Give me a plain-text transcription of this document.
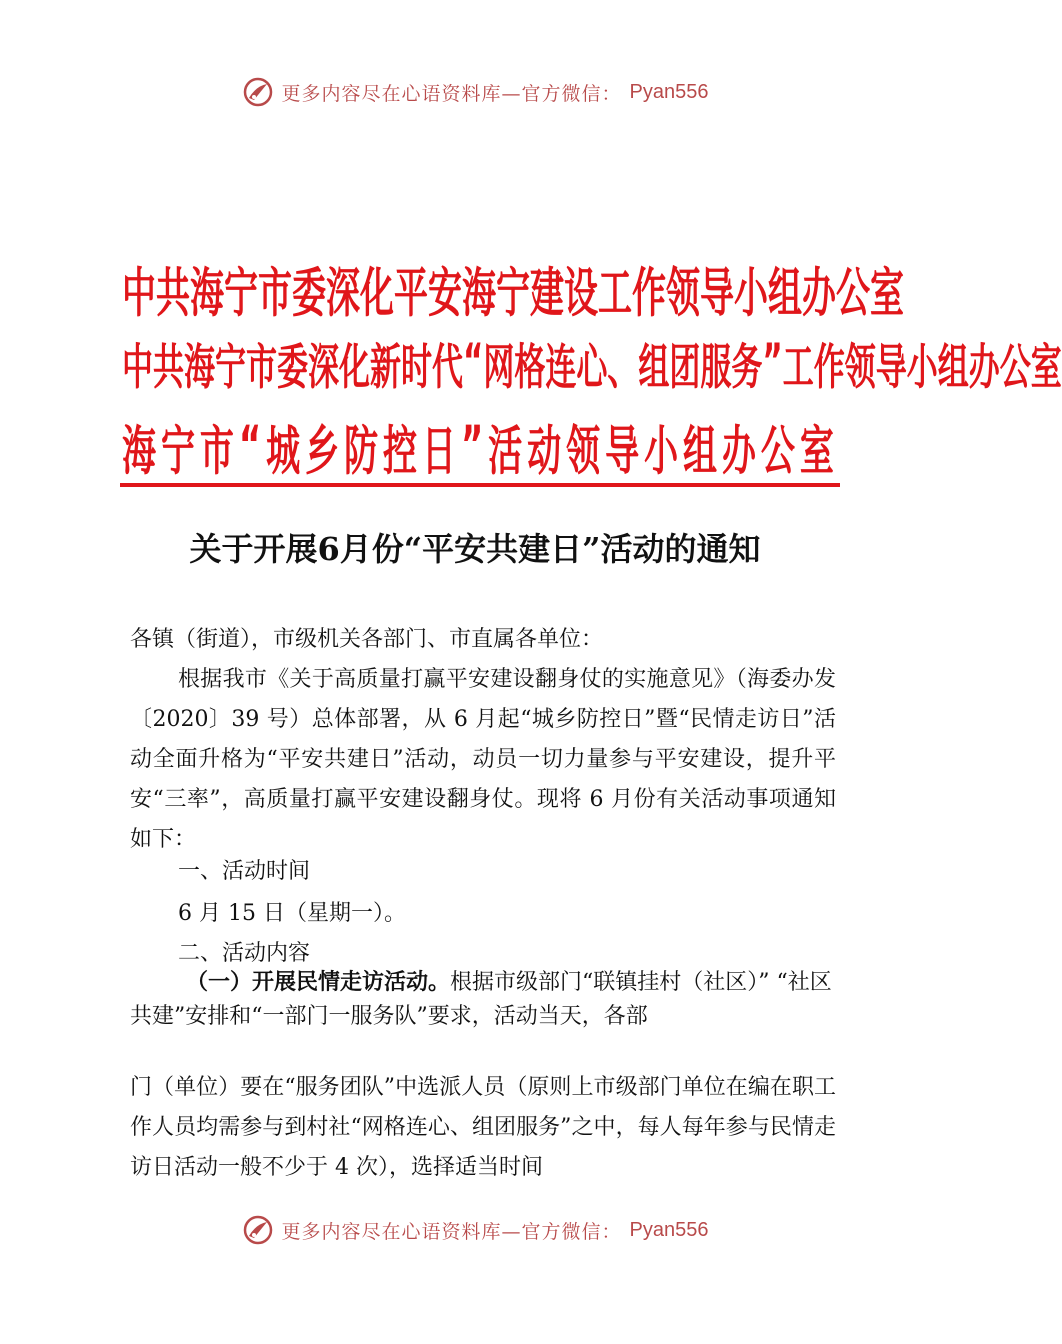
更多内容尽在心语资料库—官方微信： Pyan556
中 共 海 宁 市 委 深 化 平 安 海 宁 建 设 工 作 领 导 小 组 办 公 室
中 共 海 宁 市 委 深 化 新 时 代 “ 网 格 连 心 、 组 团 服 务 ” 工 作 领 导 小 组 办 公 室
海 宁 市 “ 城 乡 防 控 日 ” 活 动 领 导 小 组 办 公 室
关于开展6月份“平安共建日”活动的通知

各镇（街道），市级机关各部门、市直属各单位：

根据我市《关于高质量打赢平安建设翻身仗的实施意见》（海委办发〔2020〕39 号）总体部署，从 6 月起“城乡防控日”暨“民情走访日”活动全面升格为“平安共建日”活动，动员一切力量参与平安建设，提升平安“三率”，高质量打赢平安建设翻身仗。现将 6 月份有关活动事项通知如下：

一、活动时间

6 月 15 日（星期一）。

二、活动内容

（一）开展民情走访活动。根据市级部门“联镇挂村（社区）” “社区共建”安排和“一部门一服务队”要求，活动当天，各部

门（单位）要在“服务团队”中选派人员（原则上市级部门单位在编在职工作人员均需参与到村社“网格连心、组团服务”之中，每人每年参与民情走访日活动一般不少于 4 次），选择适当时间

更多内容尽在心语资料库—官方微信： Pyan556
